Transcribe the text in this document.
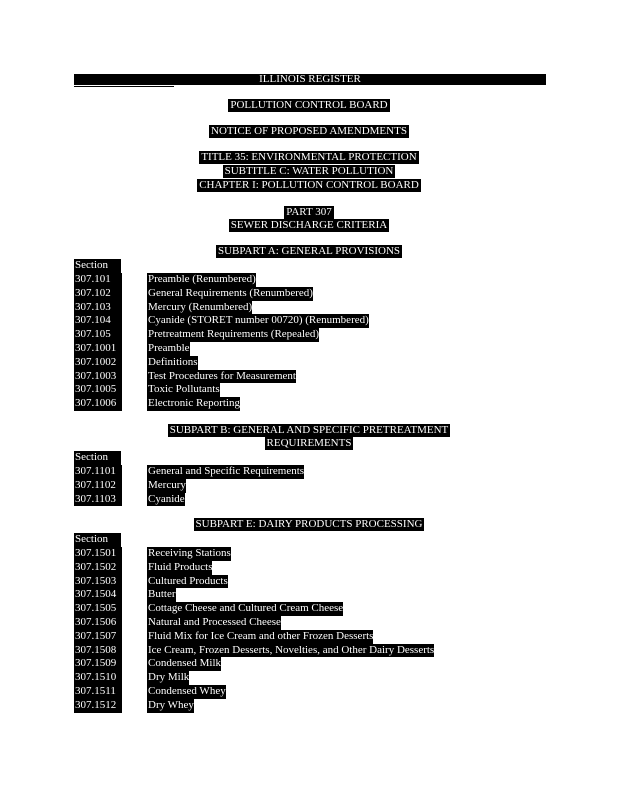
ILLINOIS REGISTER
POLLUTION CONTROL BOARD
NOTICE OF PROPOSED AMENDMENTS
TITLE 35: ENVIRONMENTAL PROTECTION
SUBTITLE C: WATER POLLUTION
CHAPTER I: POLLUTION CONTROL BOARD
PART 307
SEWER DISCHARGE CRITERIA
SUBPART A: GENERAL PROVISIONS
Section
307.101	Preamble (Renumbered)
307.102	General Requirements (Renumbered)
307.103	Mercury (Renumbered)
307.104	Cyanide (STORET number 00720) (Renumbered)
307.105	Pretreatment Requirements (Repealed)
307.1001	Preamble
307.1002	Definitions
307.1003	Test Procedures for Measurement
307.1005	Toxic Pollutants
307.1006	Electronic Reporting
SUBPART B: GENERAL AND SPECIFIC PRETREATMENT
REQUIREMENTS
Section
307.1101	General and Specific Requirements
307.1102	Mercury
307.1103	Cyanide
SUBPART E: DAIRY PRODUCTS PROCESSING
Section
307.1501	Receiving Stations
307.1502	Fluid Products
307.1503	Cultured Products
307.1504	Butter
307.1505	Cottage Cheese and Cultured Cream Cheese
307.1506	Natural and Processed Cheese
307.1507	Fluid Mix for Ice Cream and other Frozen Desserts
307.1508	Ice Cream, Frozen Desserts, Novelties, and Other Dairy Desserts
307.1509	Condensed Milk
307.1510	Dry Milk
307.1511	Condensed Whey
307.1512	Dry Whey
